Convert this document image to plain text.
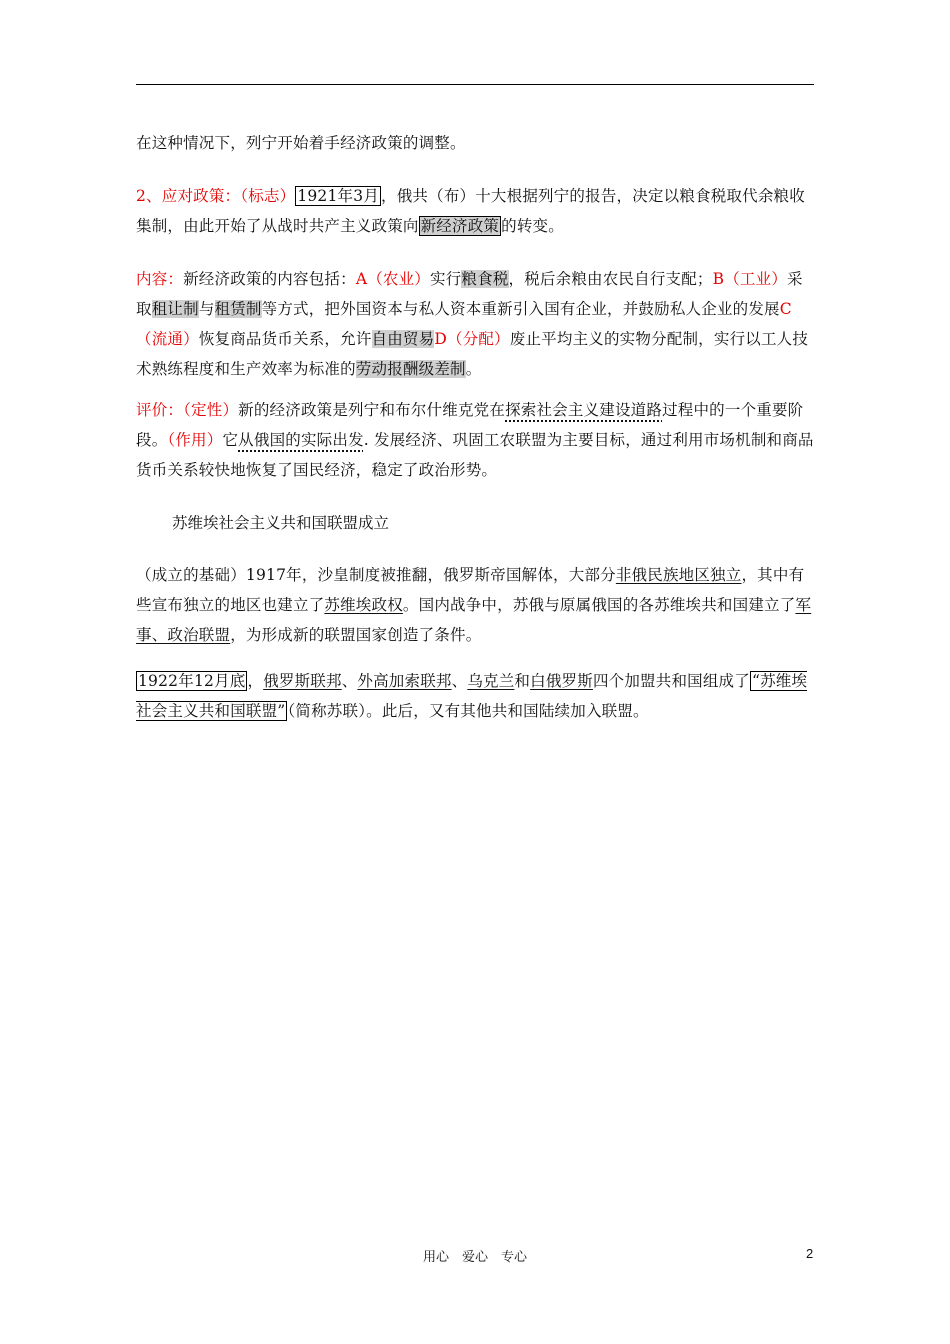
在这种情况下，列宁开始着手经济政策的调整。
2、应对政策：（标志） 1921年3月 ，俄共（布）十大根据列宁的报告，决定以粮食税取代余粮收集制，由此开始了从战时共产主义政策向 新经济政策 的转变。
内容：新经济政策的内容包括：A（农业）实行粮食税，税后余粮由农民自行支配；B（工业）采取租让制与租赁制等方式，把外国资本与私人资本重新引入国有企业，并鼓励私人企业的发展C（流通）恢复商品货币关系，允许自由贸易D（分配）废止平均主义的实物分配制，实行以工人技术熟练程度和生产效率为标准的劳动报酬级差制。
评价：（定性）新的经济政策是列宁和布尔什维克党在探索社会主义建设道路过程中的一个重要阶段。（作用）它从俄国的实际出发. 发展经济、巩固工农联盟为主要目标，通过利用市场机制和商品货币关系较快地恢复了国民经济，稳定了政治形势。
苏维埃社会主义共和国联盟成立
（成立的基础）1917年，沙皇制度被推翻，俄罗斯帝国解体，大部分非俄民族地区独立，其中有些宣布独立的地区也建立了苏维埃政权。国内战争中，苏俄与原属俄国的各苏维埃共和国建立了军事、政治联盟，为形成新的联盟国家创造了条件。
1922年12月底 ，俄罗斯联邦、外高加索联邦、乌克兰和白俄罗斯四个加盟共和国组成了 “苏维埃社会主义共和国联盟” （简称苏联）。此后，又有其他共和国陆续加入联盟。
用心　爱心　专心	2
